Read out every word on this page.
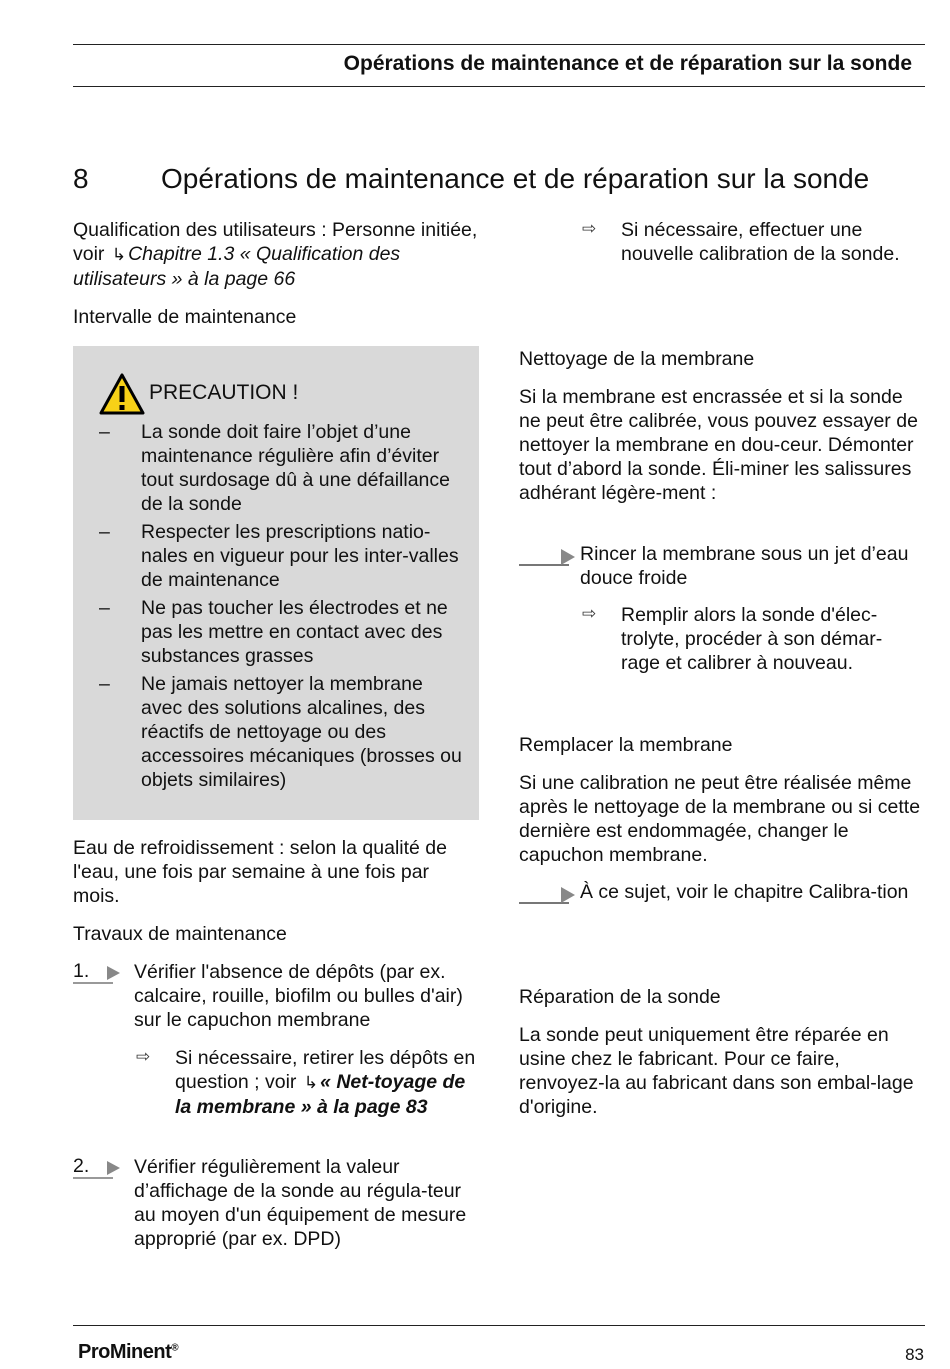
Opérations de maintenance et de réparation sur la sonde
8	Opérations de maintenance et de réparation sur la sonde
Qualification des utilisateurs : Personne initiée, voir ↳ Chapitre 1.3 « Qualification des utilisateurs » à la page 66
Intervalle de maintenance
PRECAUTION !
– La sonde doit faire l’objet d’une maintenance régulière afin d’éviter tout surdosage dû à une défaillance de la sonde
– Respecter les prescriptions natio-nales en vigueur pour les inter-valles de maintenance
– Ne pas toucher les électrodes et ne pas les mettre en contact avec des substances grasses
– Ne jamais nettoyer la membrane avec des solutions alcalines, des réactifs de nettoyage ou des accessoires mécaniques (brosses ou objets similaires)
Eau de refroidissement : selon la qualité de l'eau, une fois par semaine à une fois par mois.
Travaux de maintenance
1. Vérifier l'absence de dépôts (par ex. calcaire, rouille, biofilm ou bulles d'air) sur le capuchon membrane
⇨ Si nécessaire, retirer les dépôts en question ; voir ↳ « Net-toyage de la membrane » à la page 83
2. Vérifier régulièrement la valeur d’affichage de la sonde au régula-teur au moyen d'un équipement de mesure approprié (par ex. DPD)
⇨ Si nécessaire, effectuer une nouvelle calibration de la sonde.
Nettoyage de la membrane
Si la membrane est encrassée et si la sonde ne peut être calibrée, vous pouvez essayer de nettoyer la membrane en dou-ceur. Démonter tout d’abord la sonde. Éli-miner les salissures adhérant légère-ment :
Rincer la membrane sous un jet d’eau douce froide
⇨ Remplir alors la sonde d'élec-trolyte, procéder à son démar-rage et calibrer à nouveau.
Remplacer la membrane
Si une calibration ne peut être réalisée même après le nettoyage de la membrane ou si cette dernière est endommagée, changer le capuchon membrane.
À ce sujet, voir le chapitre Calibra-tion
Réparation de la sonde
La sonde peut uniquement être réparée en usine chez le fabricant. Pour ce faire, renvoyez-la au fabricant dans son embal-lage d'origine.
ProMinent®	83
